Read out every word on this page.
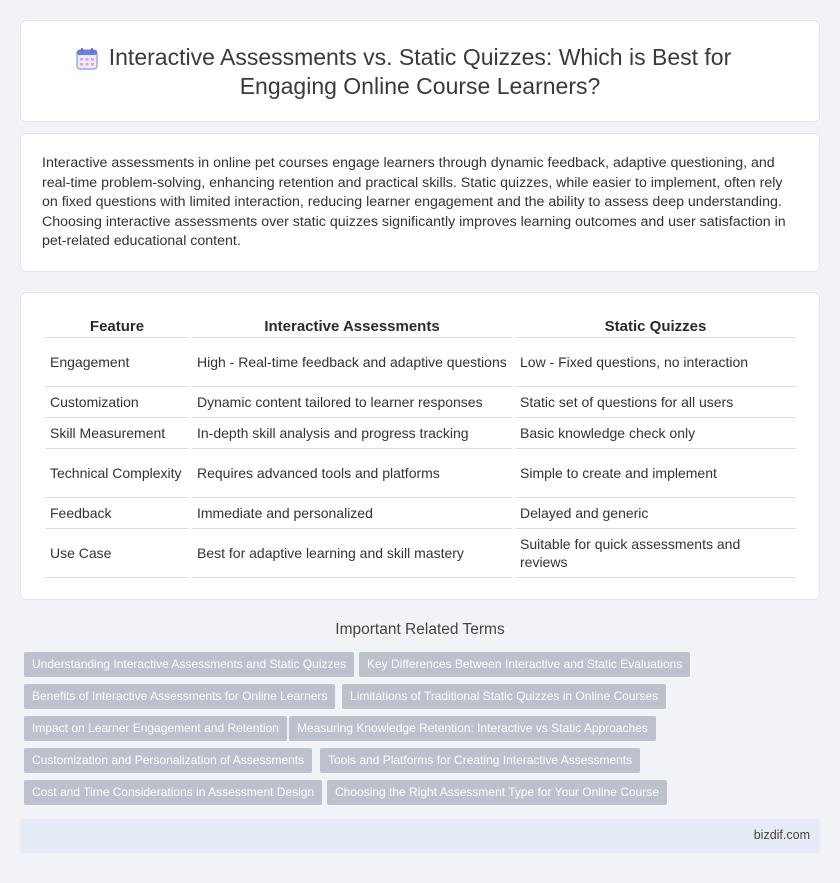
Interactive Assessments vs. Static Quizzes: Which is Best for Engaging Online Course Learners?

Interactive assessments in online pet courses engage learners through dynamic feedback, adaptive questioning, and real-time problem-solving, enhancing retention and practical skills. Static quizzes, while easier to implement, often rely on fixed questions with limited interaction, reducing learner engagement and the ability to assess deep understanding. Choosing interactive assessments over static quizzes significantly improves learning outcomes and user satisfaction in pet-related educational content.

Feature	Interactive Assessments	Static Quizzes
Engagement	High - Real-time feedback and adaptive questions	Low - Fixed questions, no interaction
Customization	Dynamic content tailored to learner responses	Static set of questions for all users
Skill Measurement	In-depth skill analysis and progress tracking	Basic knowledge check only
Technical Complexity	Requires advanced tools and platforms	Simple to create and implement
Feedback	Immediate and personalized	Delayed and generic
Use Case	Best for adaptive learning and skill mastery	Suitable for quick assessments and reviews
Important Related Terms
Understanding Interactive Assessments and Static Quizzes	Key Differences Between Interactive and Static Evaluations
Benefits of Interactive Assessments for Online Learners	Limitations of Traditional Static Quizzes in Online Courses
Impact on Learner Engagement and Retention	Measuring Knowledge Retention: Interactive vs Static Approaches
Customization and Personalization of Assessments	Tools and Platforms for Creating Interactive Assessments
Cost and Time Considerations in Assessment Design	Choosing the Right Assessment Type for Your Online Course
bizdif.com
